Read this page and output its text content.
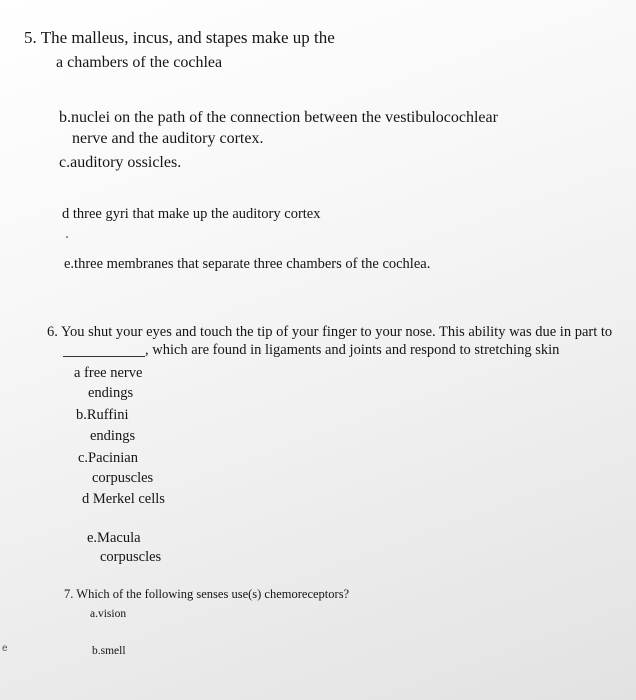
5. The malleus, incus, and stapes make up the
a chambers of the cochlea
b.nuclei on the path of the connection between the vestibulocochlear
nerve and the auditory cortex.
c.auditory ossicles.
d three gyri that make up the auditory cortex
e.three membranes that separate three chambers of the cochlea.
6. You shut your eyes and touch the tip of your finger to your nose. This ability was due in part to
, which are found in ligaments and joints and respond to stretching skin
a free nerve
endings
b.Ruffini
endings
c.Pacinian
corpuscles
d Merkel cells
e.Macula
corpuscles
7. Which of the following senses use(s) chemoreceptors?
a.vision
b.smell
e
